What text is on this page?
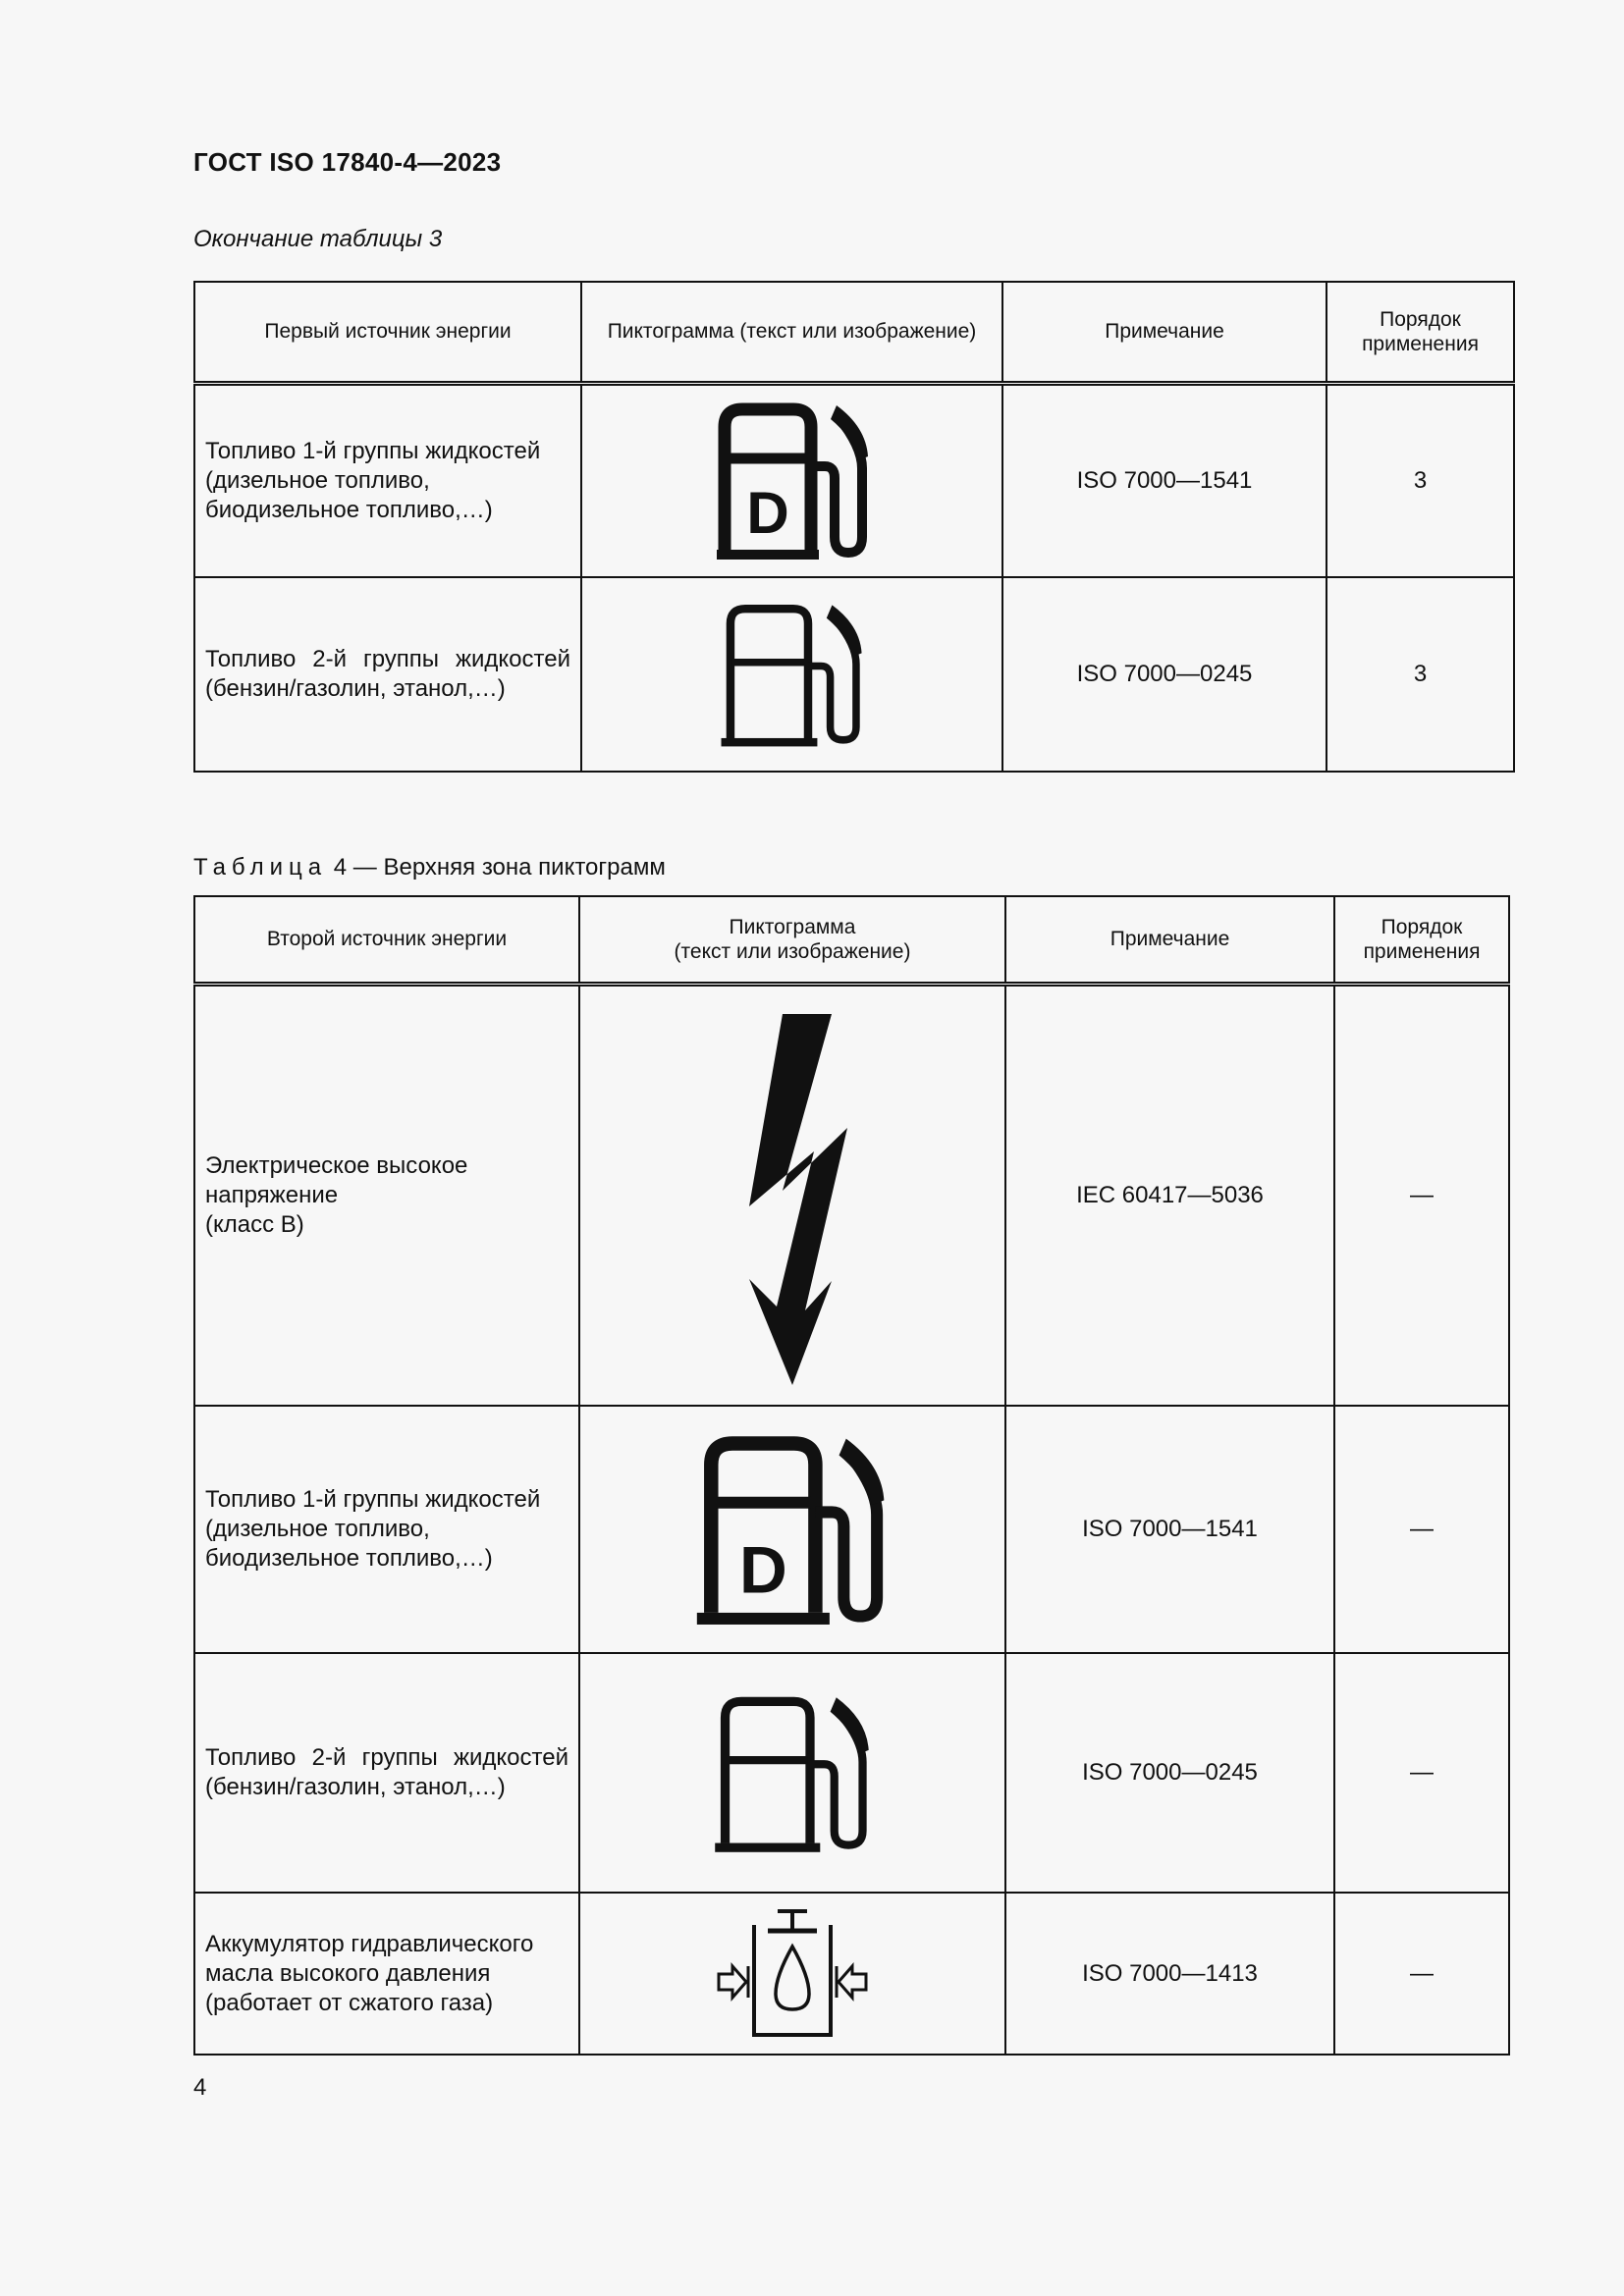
ГОСТ ISO 17840-4—2023
Окончание таблицы 3
Первый источник энергии	Пиктограмма (текст или изображение)	Примечание	Порядок
применения

Топливо 1-й группы жидкостей
(дизельное топливо,
биодизельное топливо,…)	D	ISO 7000—1541	3

Топливо 2-й группы жидкостей
(бензин/газолин, этанол,…)		ISO 7000—0245	3
Таблица 4 — Верхняя зона пиктограмм
Второй источник энергии	Пиктограмма
(текст или изображение)	Примечание	Порядок
применения

Электрическое высокое
напряжение
(класс B)		IEC 60417—5036	—

Топливо 1-й группы жидкостей
(дизельное топливо,
биодизельное топливо,…)	D	ISO 7000—1541	—

Топливо 2-й группы жидкостей
(бензин/газолин, этанол,…)		ISO 7000—0245	—

Аккумулятор гидравлического
масла высокого давления
(работает от сжатого газа)		ISO 7000—1413	—
4
